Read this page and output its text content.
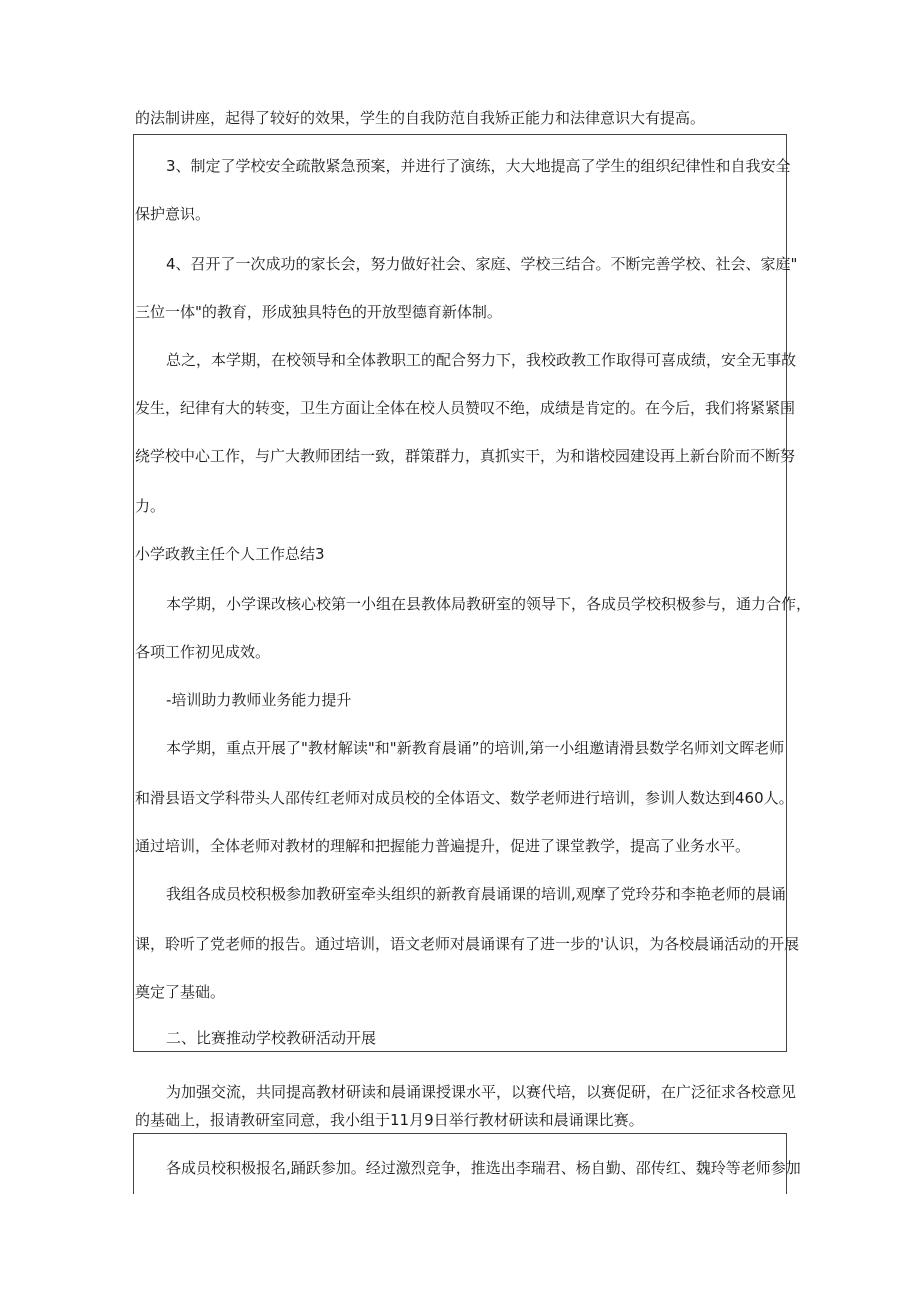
的法制讲座，起得了较好的效果，学生的自我防范自我矫正能力和法律意识大有提高。
3、制定了学校安全疏散紧急预案，并进行了演练，大大地提高了学生的组织纪律性和自我安全
保护意识。
4、召开了一次成功的家长会，努力做好社会、家庭、学校三结合。不断完善学校、社会、家庭"
三位一体"的教育，形成独具特色的开放型德育新体制。
总之，本学期，在校领导和全体教职工的配合努力下，我校政教工作取得可喜成绩，安全无事故
发生，纪律有大的转变，卫生方面让全体在校人员赞叹不绝，成绩是肯定的。在今后，我们将紧紧围
绕学校中心工作，与广大教师团结一致，群策群力，真抓实干，为和谐校园建设再上新台阶而不断努
力。
小学政教主任个人工作总结3
本学期，小学课改核心校第一小组在县教体局教研室的领导下，各成员学校积极参与，通力合作，
各项工作初见成效。
-培训助力教师业务能力提升
本学期，重点开展了"教材解读"和"新教育晨诵”的培训,第一小组邀请滑县数学名师刘文晖老师
和滑县语文学科带头人邵传红老师对成员校的全体语文、数学老师进行培训，参训人数达到460人。
通过培训，全体老师对教材的理解和把握能力普遍提升，促进了课堂教学，提高了业务水平。
我组各成员校积极参加教研室牵头组织的新教育晨诵课的培训,观摩了党玲芬和李艳老师的晨诵
课，聆听了党老师的报告。通过培训，语文老师对晨诵课有了进一步的'认识，为各校晨诵活动的开展
奠定了基础。
二、比赛推动学校教研活动开展
为加强交流，共同提高教材研读和晨诵课授课水平，以赛代培，以赛促研，在广泛征求各校意见
的基础上，报请教研室同意，我小组于11月9日举行教材研读和晨诵课比赛。
各成员校积极报名,踊跃参加。经过激烈竞争，推选出李瑞君、杨自勤、邵传红、魏玲等老师参加
